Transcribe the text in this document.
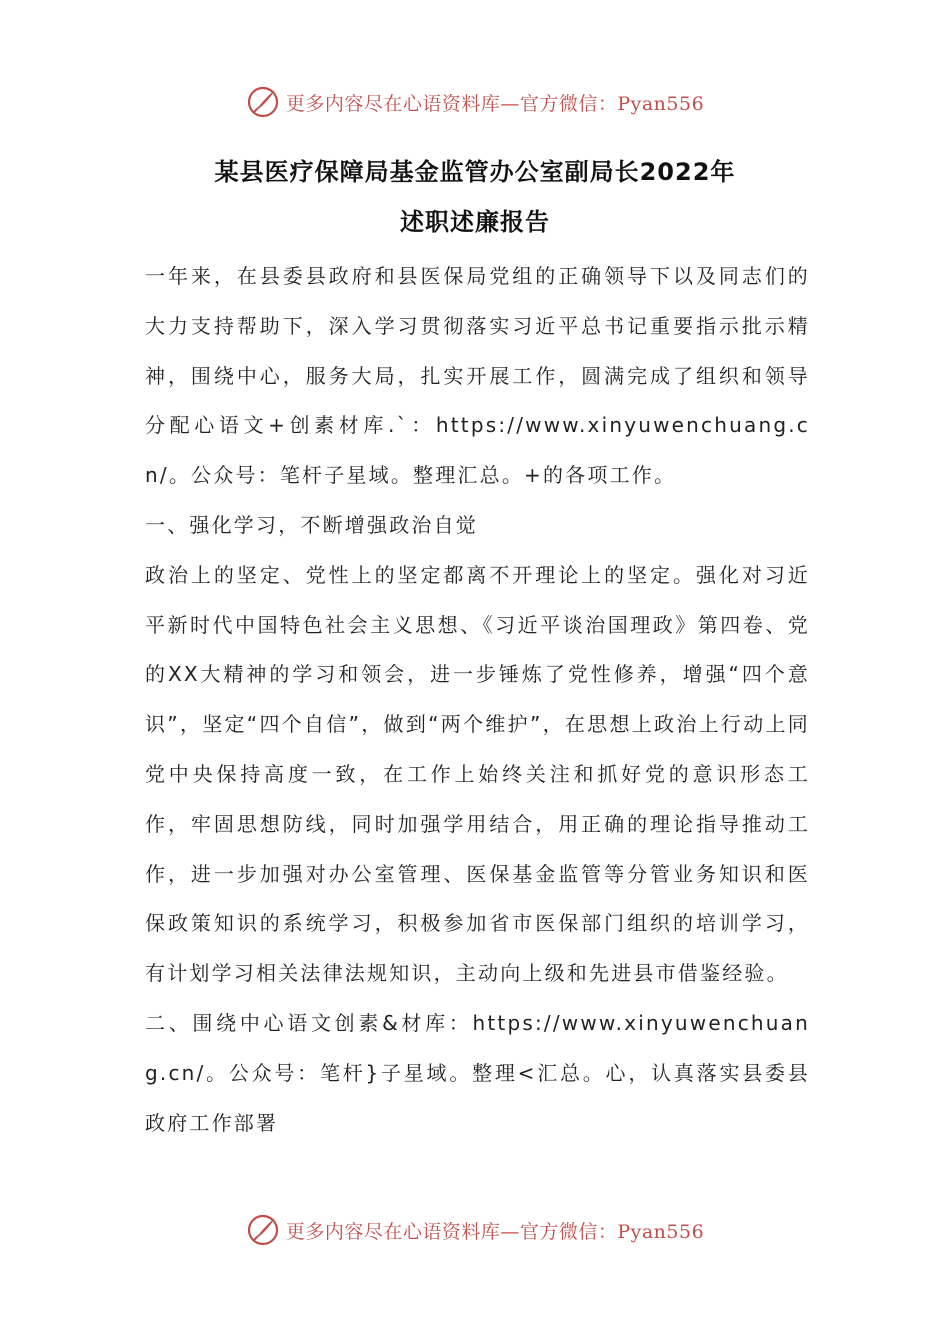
更多内容尽在心语资料库—官方微信：Pyan556
某县医疗保障局基金监管办公室副局长2022年
述职述廉报告

一年来，在县委县政府和县医保局党组的正确领导下以及同志们的大力支持帮助下，深入学习贯彻落实习近平总书记重要指示批示精神，围绕中心，服务大局，扎实开展工作，圆满完成了组织和领导分配心语文+创素材库.`：https://www.xinyuwenchuang.cn/。公众号：笔杆子星域。整理汇总。+的各项工作。

一、强化学习，不断增强政治自觉

政治上的坚定、党性上的坚定都离不开理论上的坚定。强化对习近平新时代中国特色社会主义思想、《习近平谈治国理政》第四卷、党的XX大精神的学习和领会，进一步锤炼了党性修养，增强“四个意识”，坚定“四个自信”，做到“两个维护”，在思想上政治上行动上同党中央保持高度一致，在工作上始终关注和抓好党的意识形态工作，牢固思想防线，同时加强学用结合，用正确的理论指导推动工作，进一步加强对办公室管理、医保基金监管等分管业务知识和医保政策知识的系统学习，积极参加省市医保部门组织的培训学习，有计划学习相关法律法规知识，主动向上级和先进县市借鉴经验。

二、围绕中心语文创素&材库：https://www.xinyuwenchuang.cn/。公众号：笔杆}子星域。整理<汇总。心，认真落实县委县政府工作部署

更多内容尽在心语资料库—官方微信：Pyan556
